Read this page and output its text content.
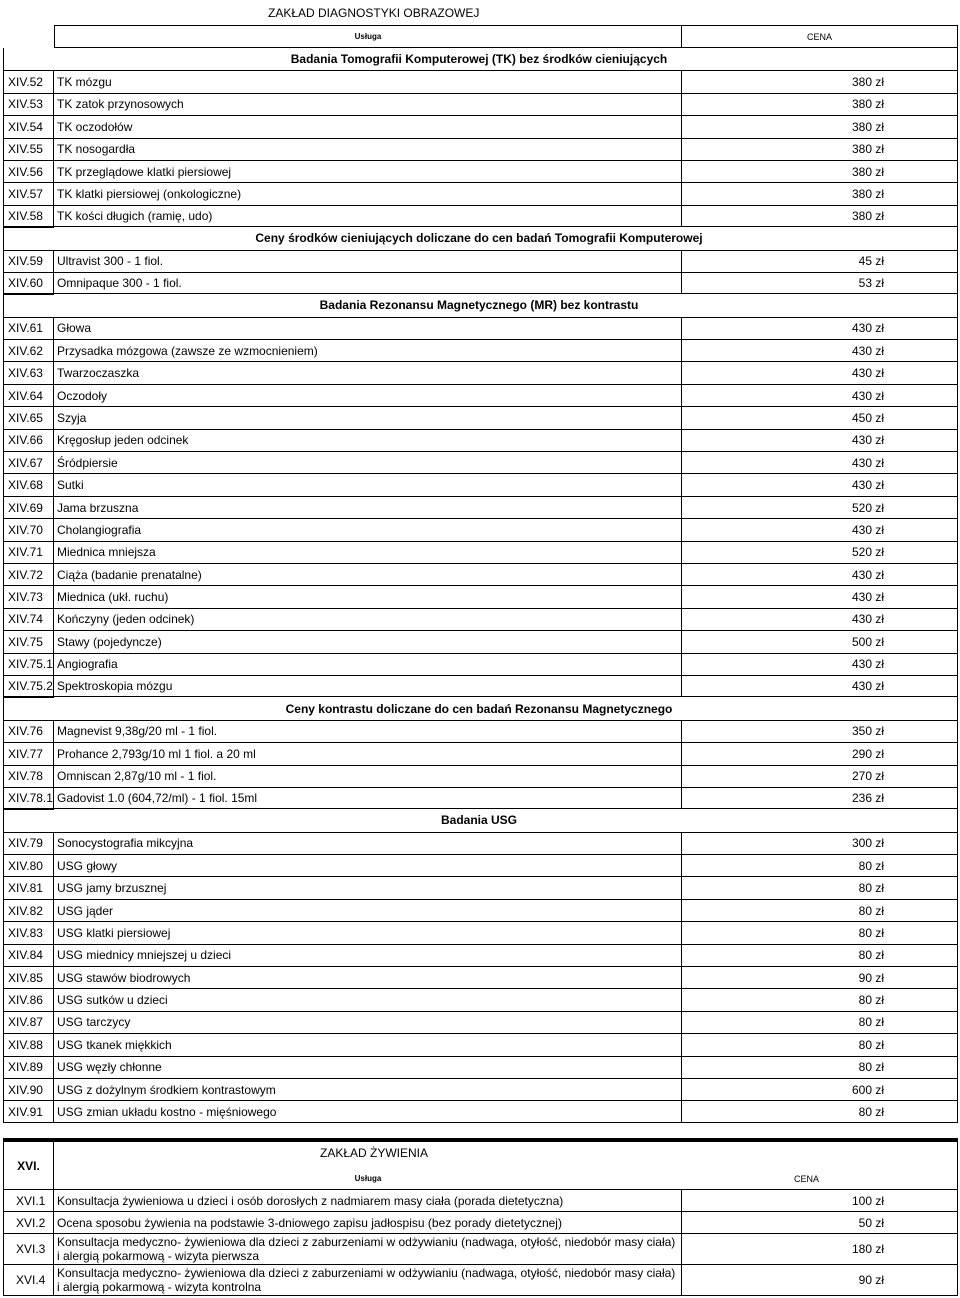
ZAKŁAD DIAGNOSTYKI OBRAZOWEJ
Usługa	CENA
Badania Tomografii Komputerowej (TK) bez środków cieniujących
XIV.52	TK mózgu	380 zł
XIV.53	TK zatok przynosowych	380 zł
XIV.54	TK oczodołów	380 zł
XIV.55	TK nosogardła	380 zł
XIV.56	TK przeglądowe klatki piersiowej	380 zł
XIV.57	TK klatki piersiowej (onkologiczne)	380 zł
XIV.58	TK kości długich (ramię, udo)	380 zł
Ceny środków cieniujących doliczane do cen badań Tomografii Komputerowej
XIV.59	Ultravist 300 - 1 fiol.	45 zł
XIV.60	Omnipaque 300 - 1 fiol.	53 zł
Badania Rezonansu Magnetycznego (MR) bez kontrastu
XIV.61	Głowa	430 zł
XIV.62	Przysadka mózgowa (zawsze ze wzmocnieniem)	430 zł
XIV.63	Twarzoczaszka	430 zł
XIV.64	Oczodoły	430 zł
XIV.65	Szyja	450 zł
XIV.66	Kręgosłup jeden odcinek	430 zł
XIV.67	Śródpiersie	430 zł
XIV.68	Sutki	430 zł
XIV.69	Jama brzuszna	520 zł
XIV.70	Cholangiografia	430 zł
XIV.71	Miednica mniejsza	520 zł
XIV.72	Ciąża (badanie prenatalne)	430 zł
XIV.73	Miednica (ukł. ruchu)	430 zł
XIV.74	Kończyny (jeden odcinek)	430 zł
XIV.75	Stawy (pojedyncze)	500 zł
XIV.75.1 Angiografia	430 zł
XIV.75.2 Spektroskopia mózgu	430 zł
Ceny kontrastu doliczane do cen badań Rezonansu Magnetycznego
XIV.76	Magnevist 9,38g/20 ml - 1 fiol.	350 zł
XIV.77	Prohance 2,793g/10 ml 1 fiol. a 20 ml	290 zł
XIV.78	Omniscan 2,87g/10 ml - 1 fiol.	270 zł
XIV.78.1 Gadovist 1.0 (604,72/ml) - 1 fiol. 15ml	236 zł
Badania USG
XIV.79	Sonocystografia mikcyjna	300 zł
XIV.80	USG głowy	80 zł
XIV.81	USG jamy brzusznej	80 zł
XIV.82	USG jąder	80 zł
XIV.83	USG klatki piersiowej	80 zł
XIV.84	USG miednicy mniejszej u dzieci	80 zł
XIV.85	USG stawów biodrowych	90 zł
XIV.86	USG sutków u dzieci	80 zł
XIV.87	USG tarczycy	80 zł
XIV.88	USG tkanek miękkich	80 zł
XIV.89	USG węzły chłonne	80 zł
XIV.90	USG z dożylnym środkiem kontrastowym	600 zł
XIV.91	USG zmian układu kostno - mięśniowego	80 zł
XVI.
ZAKŁAD ŻYWIENIA
Usługa	CENA
XVI.1 Konsultacja żywieniowa u dzieci i osób dorosłych z nadmiarem masy ciała (porada dietetyczna)	100 zł
XVI.2 Ocena sposobu żywienia na podstawie 3-dniowego zapisu jadłospisu (bez porady dietetycznej)	50 zł
XVI.3 Konsultacja medyczno- żywieniowa dla dzieci z zaburzeniami w odżywianiu (nadwaga, otyłość, niedobór masy ciała) i alergią pokarmową - wizyta pierwsza	180 zł
XVI.4 Konsultacja medyczno- żywieniowa dla dzieci z zaburzeniami w odżywianiu (nadwaga, otyłość, niedobór masy ciała) i alergią pokarmową - wizyta kontrolna	90 zł
